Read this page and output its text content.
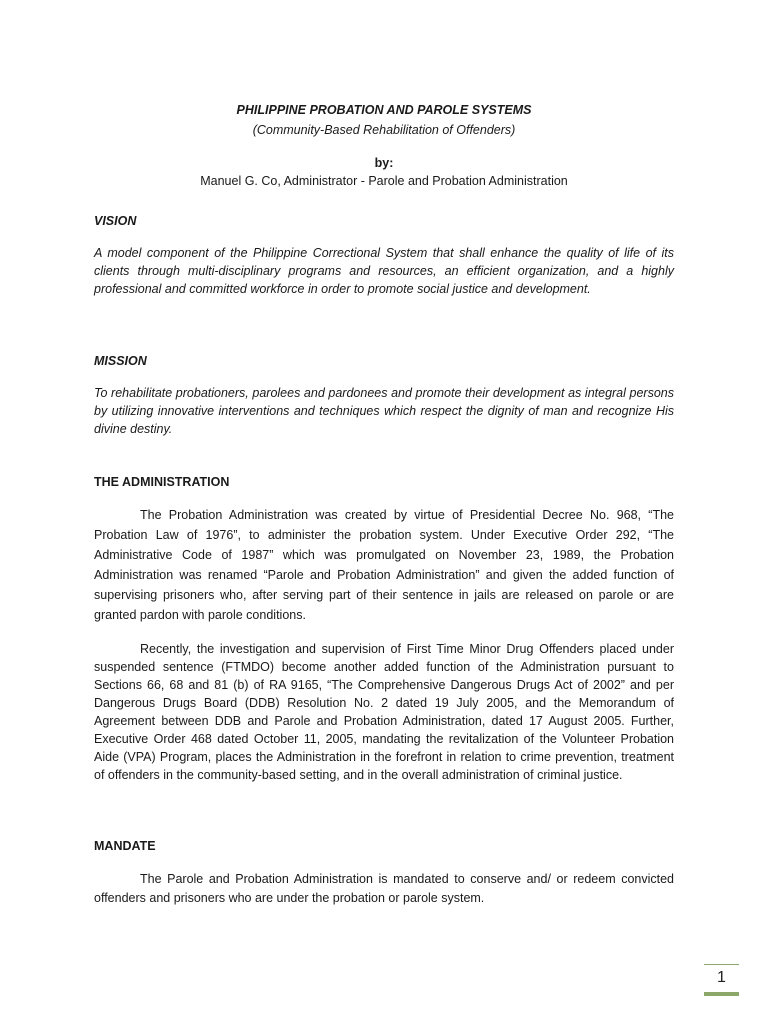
PHILIPPINE PROBATION AND PAROLE SYSTEMS

(Community-Based Rehabilitation of Offenders)

by:

Manuel G. Co, Administrator - Parole and Probation Administration

VISION

A model component of the Philippine Correctional System that shall enhance the quality of life of its clients through multi-disciplinary programs and resources, an efficient organization, and a highly professional and committed workforce in order to promote social justice and development.

MISSION

To rehabilitate probationers, parolees and pardonees and promote their development as integral persons by utilizing innovative interventions and techniques which respect the dignity of man and recognize His divine destiny.

THE ADMINISTRATION

The Probation Administration was created by virtue of Presidential Decree No. 968, “The Probation Law of 1976”, to administer the probation system. Under Executive Order 292, “The Administrative Code of 1987” which was promulgated on November 23, 1989, the Probation Administration was renamed “Parole and Probation Administration” and given the added function of supervising prisoners who, after serving part of their sentence in jails are released on parole or are granted pardon with parole conditions.

Recently, the investigation and supervision of First Time Minor Drug Offenders placed under suspended sentence (FTMDO) become another added function of the Administration pursuant to Sections 66, 68 and 81 (b) of RA 9165, “The Comprehensive Dangerous Drugs Act of 2002” and per Dangerous Drugs Board (DDB) Resolution No. 2 dated 19 July 2005, and the Memorandum of Agreement between DDB and Parole and Probation Administration, dated 17 August 2005. Further, Executive Order 468 dated October 11, 2005, mandating the revitalization of the Volunteer Probation Aide (VPA) Program, places the Administration in the forefront in relation to crime prevention, treatment of offenders in the community-based setting, and in the overall administration of criminal justice.

MANDATE

The Parole and Probation Administration is mandated to conserve and/ or redeem convicted offenders and prisoners who are under the probation or parole system.

1
